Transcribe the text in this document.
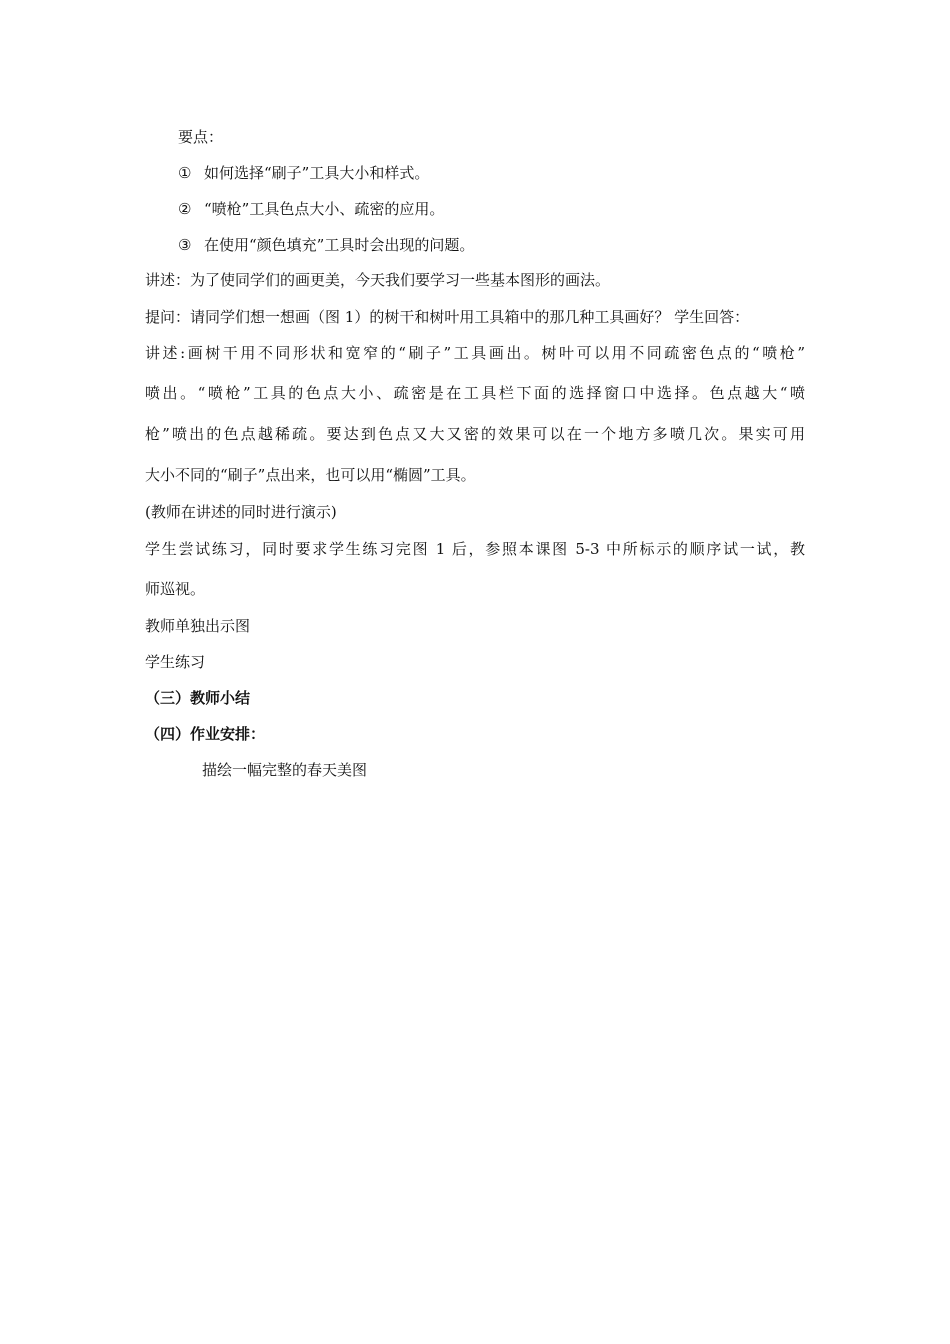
要点：
① 如何选择“刷子”工具大小和样式。
② “喷枪”工具色点大小、疏密的应用。
③ 在使用“颜色填充”工具时会出现的问题。
讲述：为了使同学们的画更美，今天我们要学习一些基本图形的画法。
提问：请同学们想一想画（图 1）的树干和树叶用工具箱中的那几种工具画好？ 学生回答：
讲述:画树干用不同形状和宽窄的“刷子”工具画出。树叶可以用不同疏密色点的“喷枪”
喷出。“喷枪”工具的色点大小、疏密是在工具栏下面的选择窗口中选择。色点越大“喷
枪”喷出的色点越稀疏。要达到色点又大又密的效果可以在一个地方多喷几次。果实可用
大小不同的“刷子”点出来，也可以用“椭圆”工具。
(教师在讲述的同时进行演示)
学生尝试练习，同时要求学生练习完图 1 后，参照本课图 5-3 中所标示的顺序试一试，教
师巡视。
教师单独出示图
学生练习
（三）教师小结
（四）作业安排：
描绘一幅完整的春天美图
